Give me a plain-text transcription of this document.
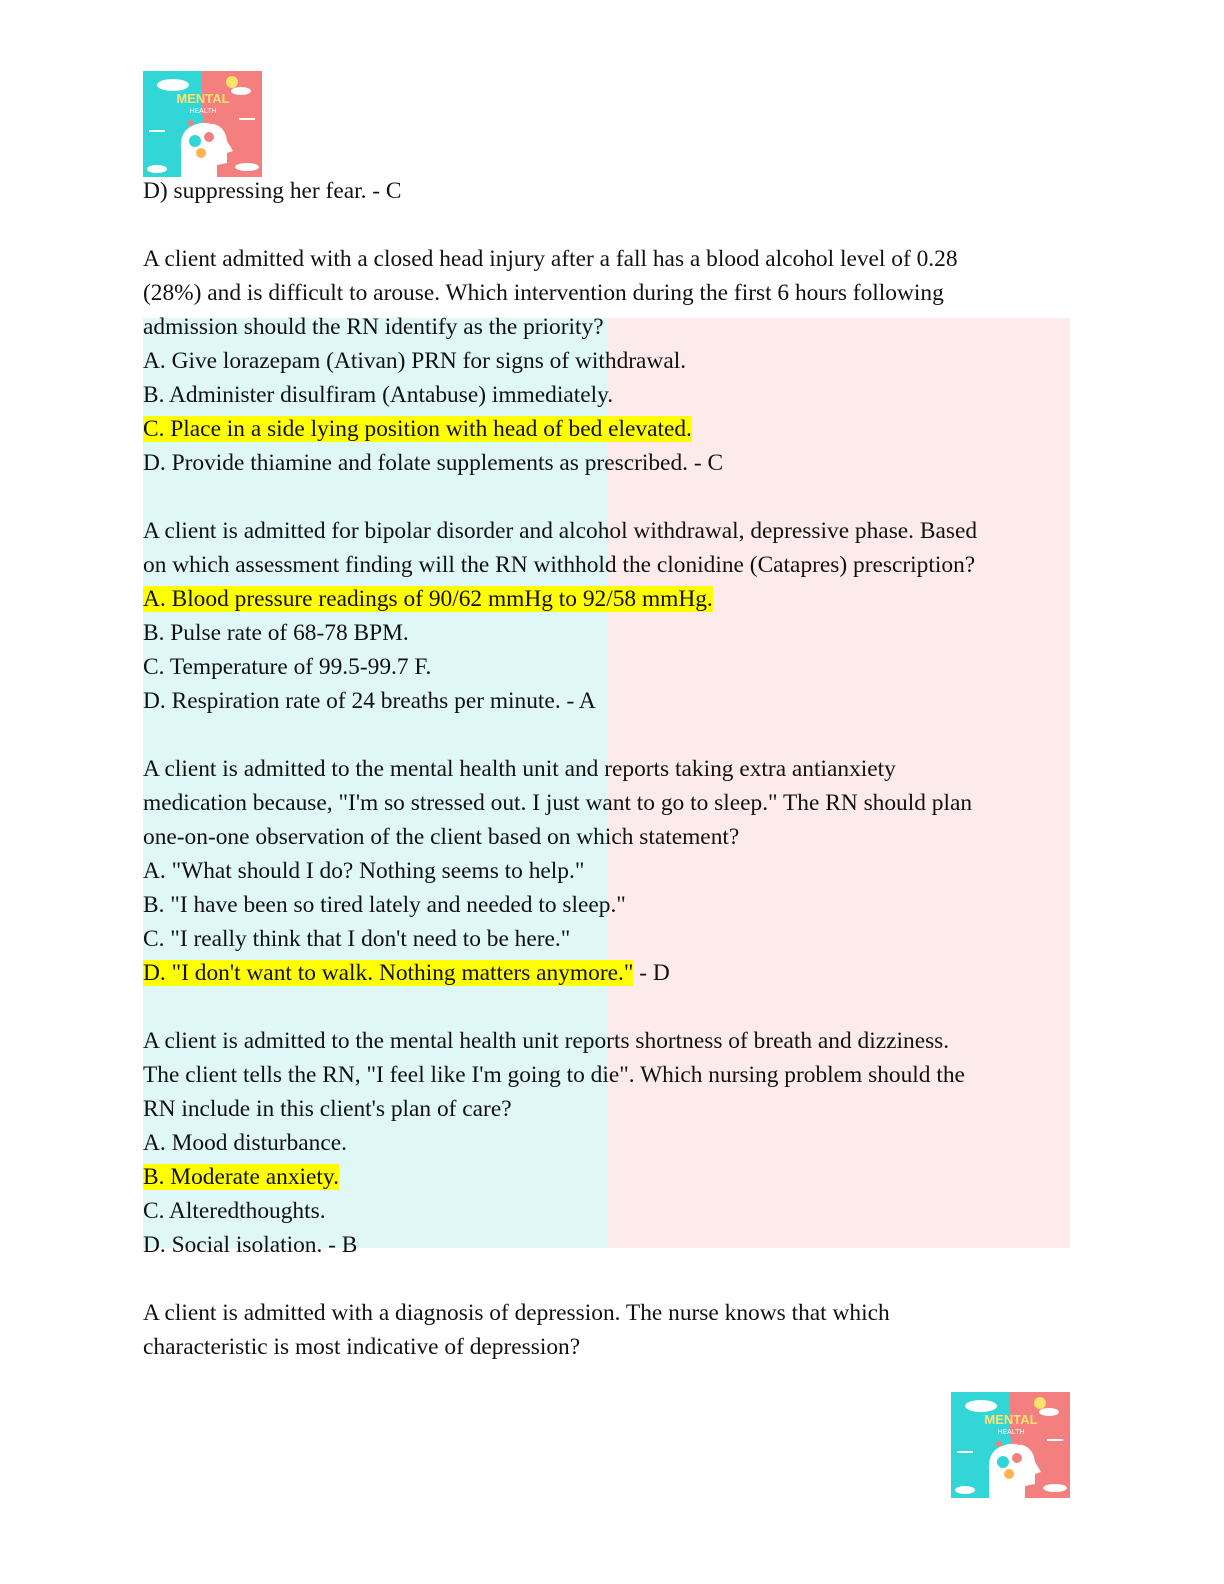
MENTAL
HEALTH
D) suppressing her fear. - C
A client admitted with a closed head injury after a fall has a blood alcohol level of 0.28
(28%) and is difficult to arouse. Which intervention during the first 6 hours following
admission should the RN identify as the priority?
A. Give lorazepam (Ativan) PRN for signs of withdrawal.
B. Administer disulfiram (Antabuse) immediately.
C. Place in a side lying position with head of bed elevated.
D. Provide thiamine and folate supplements as prescribed. - C
A client is admitted for bipolar disorder and alcohol withdrawal, depressive phase. Based
on which assessment finding will the RN withhold the clonidine (Catapres) prescription?
A. Blood pressure readings of 90/62 mmHg to 92/58 mmHg.
B. Pulse rate of 68-78 BPM.
C. Temperature of 99.5-99.7 F.
D. Respiration rate of 24 breaths per minute. - A
A client is admitted to the mental health unit and reports taking extra antianxiety
medication because, "I'm so stressed out. I just want to go to sleep." The RN should plan
one-on-one observation of the client based on which statement?
A. "What should I do? Nothing seems to help."
B. "I have been so tired lately and needed to sleep."
C. "I really think that I don't need to be here."
D. "I don't want to walk. Nothing matters anymore." - D
A client is admitted to the mental health unit reports shortness of breath and dizziness.
The client tells the RN, "I feel like I'm going to die". Which nursing problem should the
RN include in this client's plan of care?
A. Mood disturbance.
B. Moderate anxiety.
C. Alteredthoughts.
D. Social isolation. - B
A client is admitted with a diagnosis of depression. The nurse knows that which
characteristic is most indicative of depression?
MENTAL
HEALTH
